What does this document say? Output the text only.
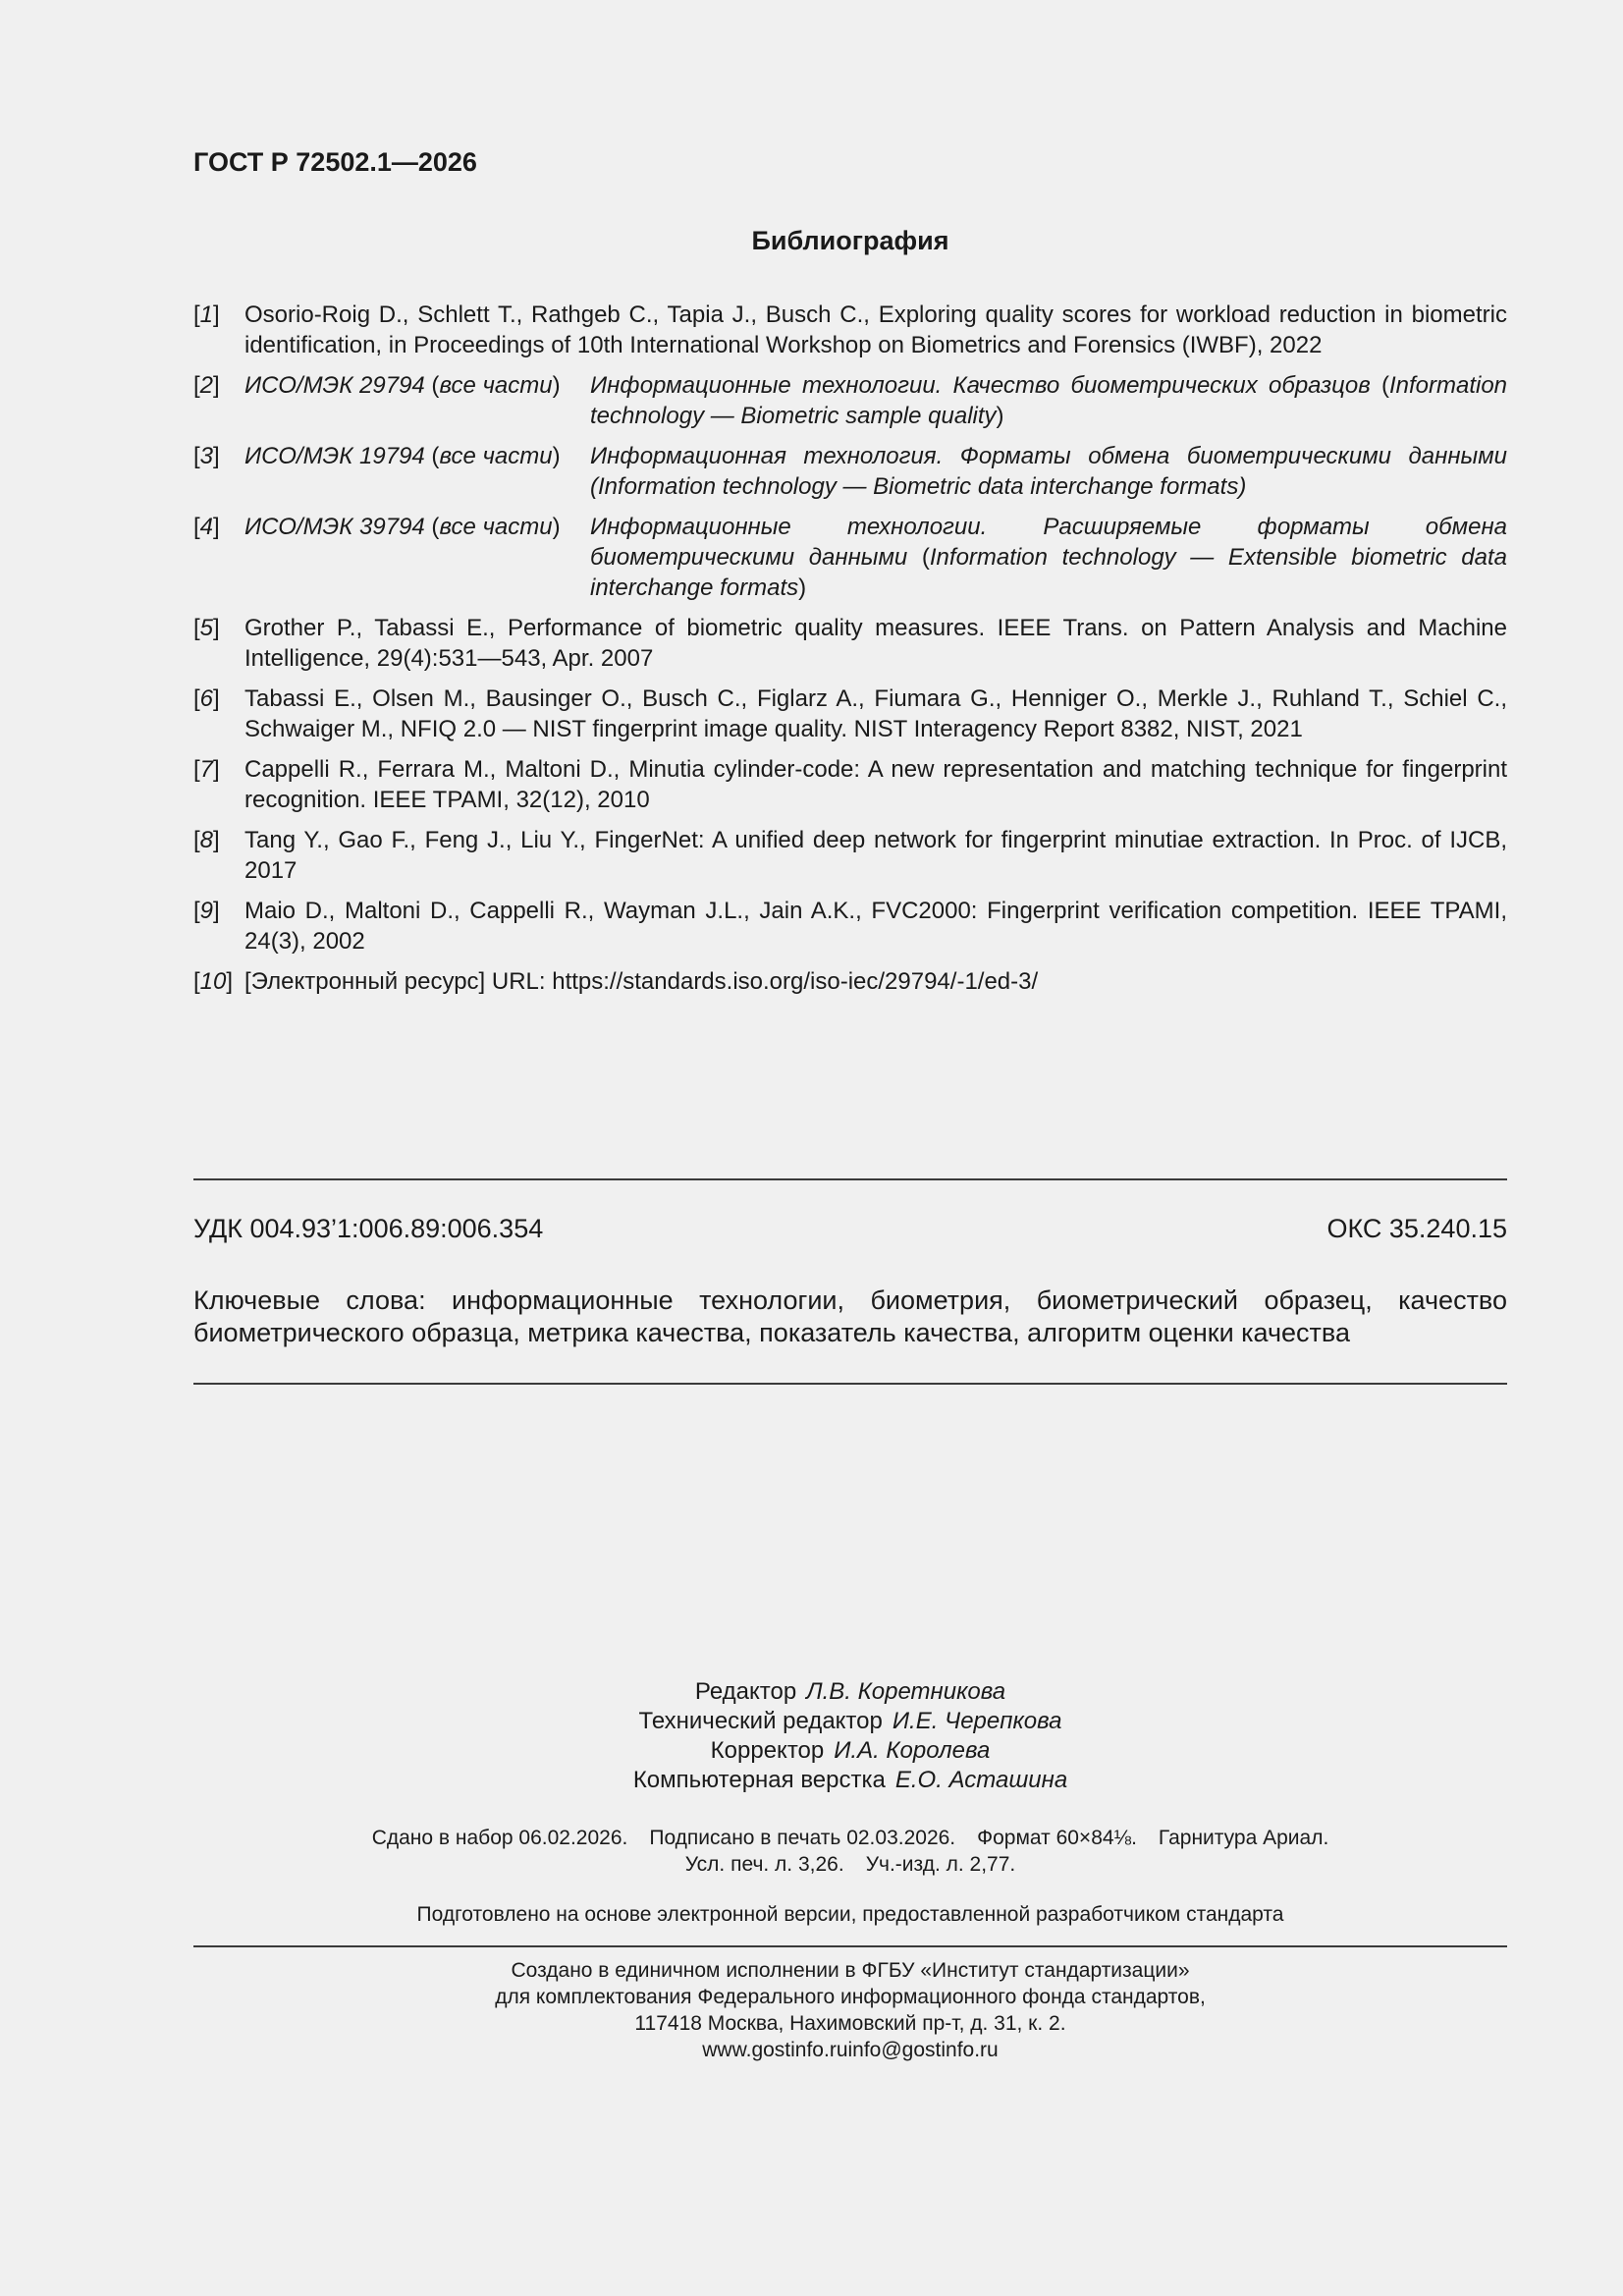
ГОСТ Р 72502.1—2026
Библиография
[1]	Osorio-Roig D., Schlett T., Rathgeb C., Tapia J., Busch C., Exploring quality scores for workload reduction in biometric identification, in Proceedings of 10th International Workshop on Biometrics and Forensics (IWBF), 2022
[2]	ИСО/МЭК 29794 (все части)	Информационные технологии. Качество биометрических образцов (Information technology — Biometric sample quality)
[3]	ИСО/МЭК 19794 (все части)	Информационная технология. Форматы обмена биометрическими данными (Information technology — Biometric data interchange formats)
[4]	ИСО/МЭК 39794 (все части)	Информационные технологии. Расширяемые форматы обмена биометрическими данными (Information technology — Extensible biometric data interchange formats)
[5]	Grother P., Tabassi E., Performance of biometric quality measures. IEEE Trans. on Pattern Analysis and Machine Intelligence, 29(4):531—543, Apr. 2007
[6]	Tabassi E., Olsen M., Bausinger O., Busch C., Figlarz A., Fiumara G., Henniger O., Merkle J., Ruhland T., Schiel C., Schwaiger M., NFIQ 2.0 — NIST fingerprint image quality. NIST Interagency Report 8382, NIST, 2021
[7]	Cappelli R., Ferrara M., Maltoni D., Minutia cylinder-code: A new representation and matching technique for fingerprint recognition. IEEE TPAMI, 32(12), 2010
[8]	Tang Y., Gao F., Feng J., Liu Y., FingerNet: A unified deep network for fingerprint minutiae extraction. In Proc. of IJCB, 2017
[9]	Maio D., Maltoni D., Cappelli R., Wayman J.L., Jain A.K., FVC2000: Fingerprint verification competition. IEEE TPAMI, 24(3), 2002
[10] [Электронный ресурс] URL: https://standards.iso.org/iso-iec/29794/-1/ed-3/
УДК 004.93’1:006.89:006.354	ОКС 35.240.15
Ключевые слова: информационные технологии, биометрия, биометрический образец, качество биометрического образца, метрика качества, показатель качества, алгоритм оценки качества
Редактор Л.В. Коретникова
Технический редактор И.Е. Черепкова
Корректор И.А. Королева
Компьютерная верстка Е.О. Асташина
Сдано в набор 06.02.2026. Подписано в печать 02.03.2026. Формат 60×84⅛. Гарнитура Ариал.
Усл. печ. л. 3,26. Уч.-изд. л. 2,77.
Подготовлено на основе электронной версии, предоставленной разработчиком стандарта
Создано в единичном исполнении в ФГБУ «Институт стандартизации»
для комплектования Федерального информационного фонда стандартов,
117418 Москва, Нахимовский пр-т, д. 31, к. 2.
www.gostinfo.ruinfo@gostinfo.ru
